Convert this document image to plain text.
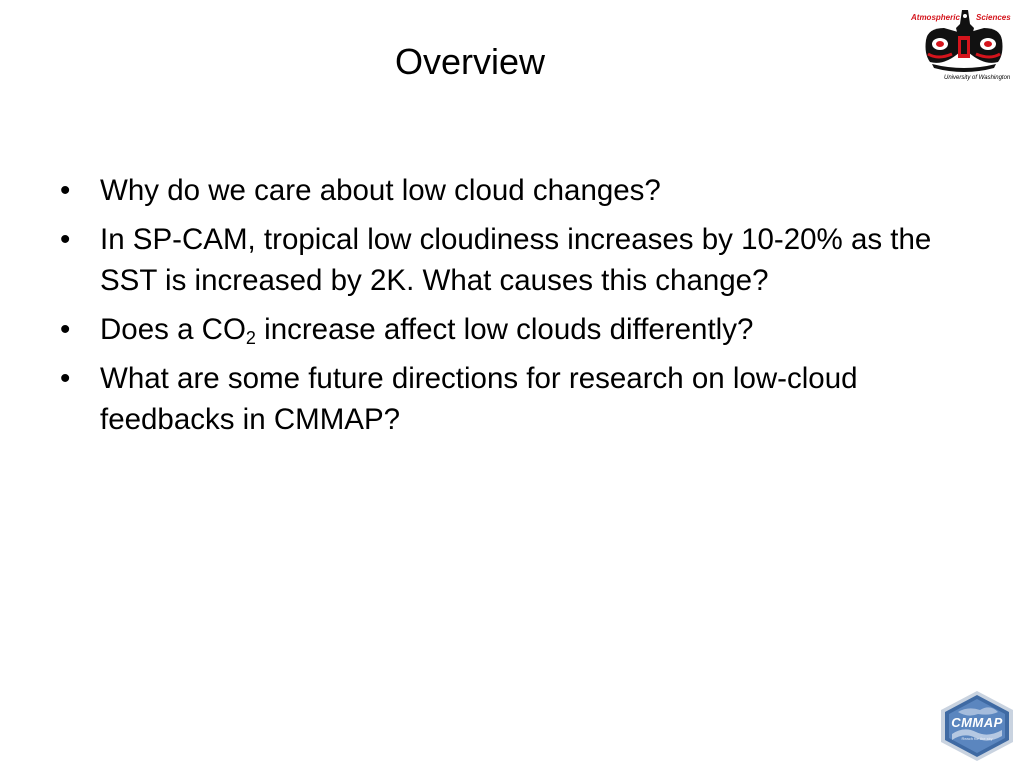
Overview
• Why do we care about low cloud changes?
• In SP-CAM, tropical low cloudiness increases by 10-20% as the SST is increased by 2K. What causes this change?
• Does a $CO_2$ increase affect low clouds differently?
• What are some future directions for research on low-cloud feedbacks in CMMAP?
Atmospheric Sciences
University of Washington
CMMAP
Reach for the sky
